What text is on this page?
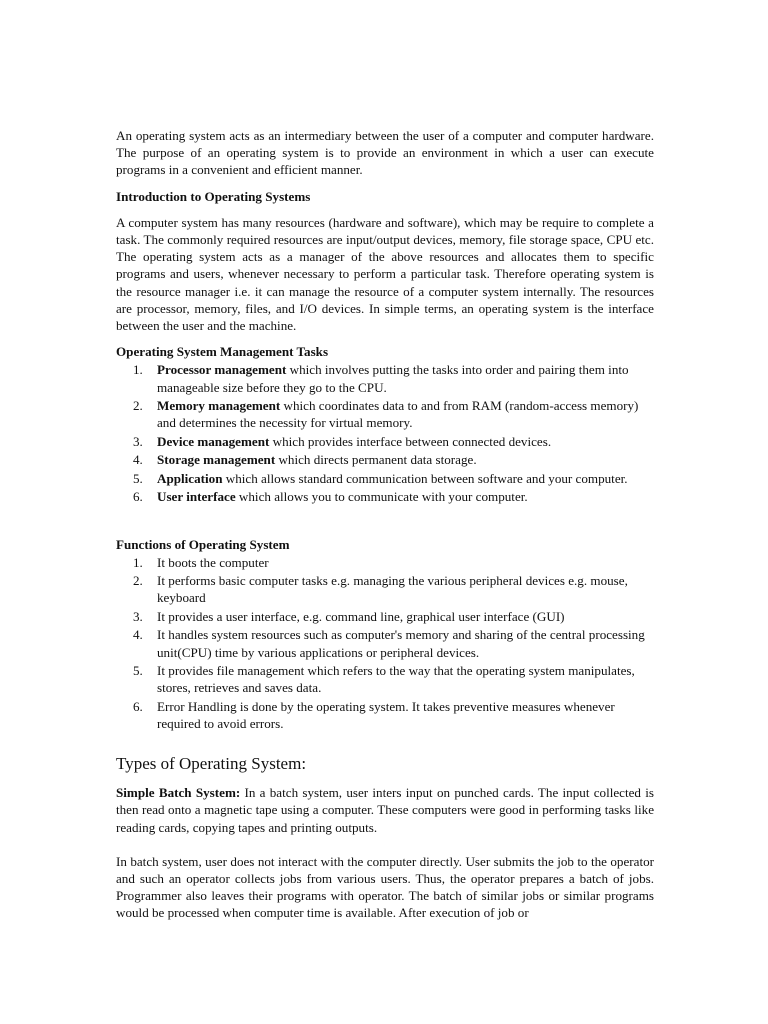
An operating system acts as an intermediary between the user of a computer and computer hardware. The purpose of an operating system is to provide an environment in which a user can execute programs in a convenient and efficient manner.

Introduction to Operating Systems

A computer system has many resources (hardware and software), which may be require to complete a task. The commonly required resources are input/output devices, memory, file storage space, CPU etc. The operating system acts as a manager of the above resources and allocates them to specific programs and users, whenever necessary to perform a particular task. Therefore operating system is the resource manager i.e. it can manage the resource of a computer system internally. The resources are processor, memory, files, and I/O devices. In simple terms, an operating system is the interface between the user and the machine.

Operating System Management Tasks

1. Processor management which involves putting the tasks into order and pairing them into manageable size before they go to the CPU.
2. Memory management which coordinates data to and from RAM (random-access memory) and determines the necessity for virtual memory.
3. Device management which provides interface between connected devices.
4. Storage management which directs permanent data storage.
5. Application which allows standard communication between software and your computer.
6. User interface which allows you to communicate with your computer.

Functions of Operating System

1. It boots the computer
2. It performs basic computer tasks e.g. managing the various peripheral devices e.g. mouse, keyboard
3. It provides a user interface, e.g. command line, graphical user interface (GUI)
4. It handles system resources such as computer's memory and sharing of the central processing unit(CPU) time by various applications or peripheral devices.
5. It provides file management which refers to the way that the operating system manipulates, stores, retrieves and saves data.
6. Error Handling is done by the operating system. It takes preventive measures whenever required to avoid errors.

Types of Operating System:

Simple Batch System: In a batch system, user inters input on punched cards. The input collected is then read onto a magnetic tape using a computer. These computers were good in performing tasks like reading cards, copying tapes and printing outputs.

In batch system, user does not interact with the computer directly. User submits the job to the operator and such an operator collects jobs from various users. Thus, the operator prepares a batch of jobs. Programmer also leaves their programs with operator. The batch of similar jobs or similar programs would be processed when computer time is available. After execution of job or
